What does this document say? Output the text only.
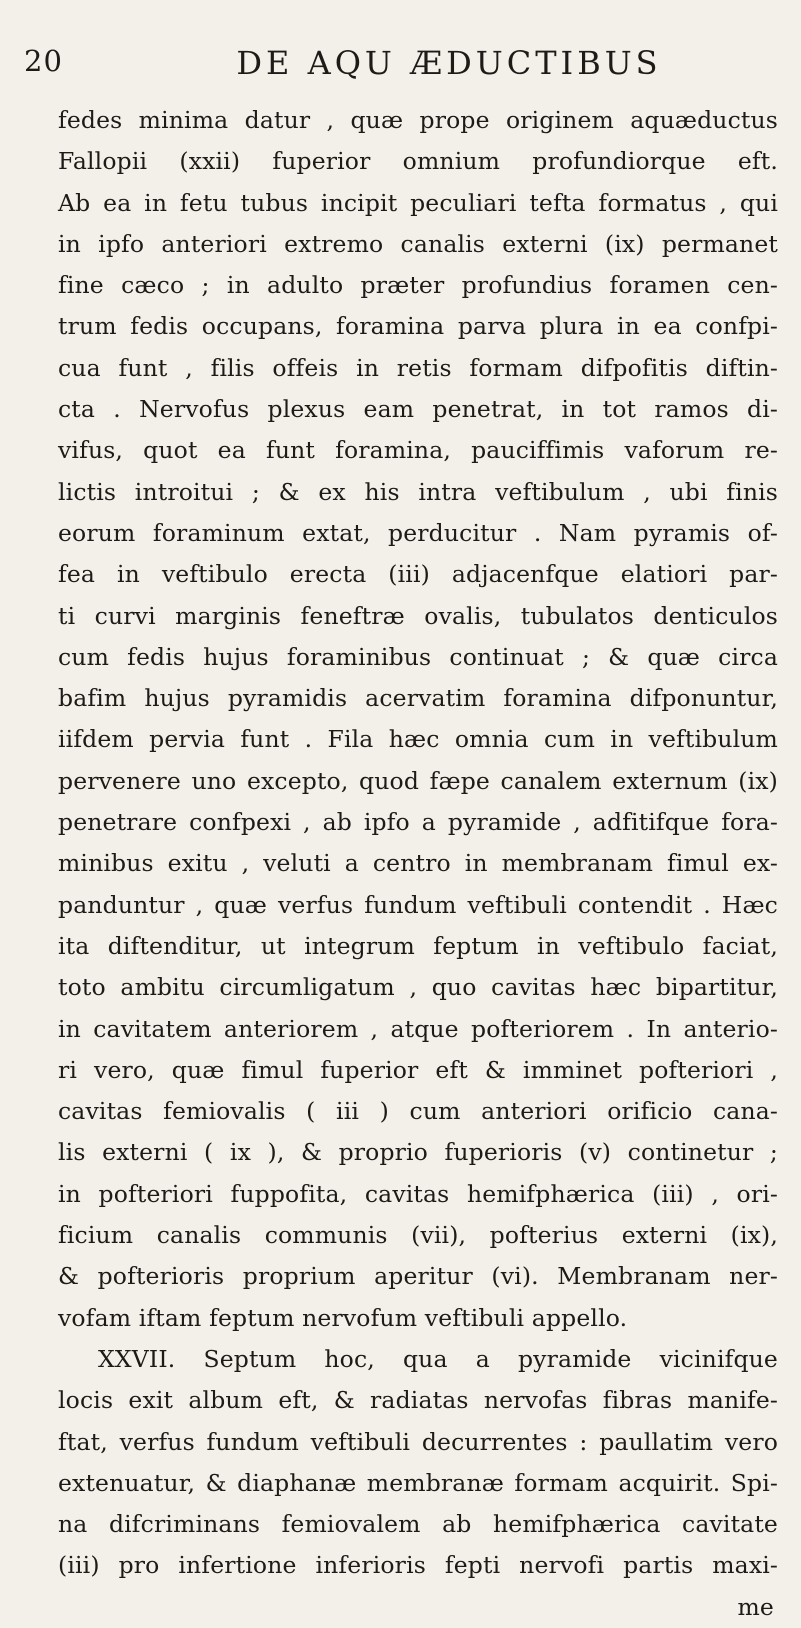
20	DE AQU ÆDUCTIBUS
fedes minima datur , quæ prope originem aquæductus
Fallopii (xxii) fuperior omnium profundiorque eft.
Ab ea in fetu tubus incipit peculiari tefta formatus , qui
in ipfo anteriori extremo canalis externi (ix) permanet
fine cæco ; in adulto præter profundius foramen cen-
trum fedis occupans, foramina parva plura in ea confpi-
cua funt , filis offeis in retis formam difpofitis diftin-
cta . Nervofus plexus eam penetrat, in tot ramos di-
vifus, quot ea funt foramina, pauciffimis vaforum re-
lictis introitui ; & ex his intra veftibulum , ubi finis
eorum foraminum extat, perducitur . Nam pyramis of-
fea in veftibulo erecta (iii) adjacenfque elatiori par-
ti curvi marginis feneftræ ovalis, tubulatos denticulos
cum fedis hujus foraminibus continuat ; & quæ circa
bafim hujus pyramidis acervatim foramina difponuntur,
iifdem pervia funt . Fila hæc omnia cum in veftibulum
pervenere uno excepto, quod fæpe canalem externum (ix)
penetrare confpexi , ab ipfo a pyramide , adfitifque fora-
minibus exitu , veluti a centro in membranam fimul ex-
panduntur , quæ verfus fundum veftibuli contendit . Hæc
ita diftenditur, ut integrum feptum in veftibulo faciat,
toto ambitu circumligatum , quo cavitas hæc bipartitur,
in cavitatem anteriorem , atque pofteriorem . In anterio-
ri vero, quæ fimul fuperior eft & imminet pofteriori ,
cavitas femiovalis ( iii ) cum anteriori orificio cana-
lis externi ( ix ), & proprio fuperioris (v) continetur ;
in pofteriori fuppofita, cavitas hemifphærica (iii) , ori-
ficium canalis communis (vii), pofterius externi (ix),
& pofterioris proprium aperitur (vi). Membranam ner-
vofam iftam feptum nervofum veftibuli appello.
XXVII. Septum hoc, qua a pyramide vicinifque
locis exit album eft, & radiatas nervofas fibras manife-
ftat, verfus fundum veftibuli decurrentes : paullatim vero
extenuatur, & diaphanæ membranæ formam acquirit. Spi-
na difcriminans femiovalem ab hemifphærica cavitate
(iii) pro infertione inferioris fepti nervofi partis maxi-
me
